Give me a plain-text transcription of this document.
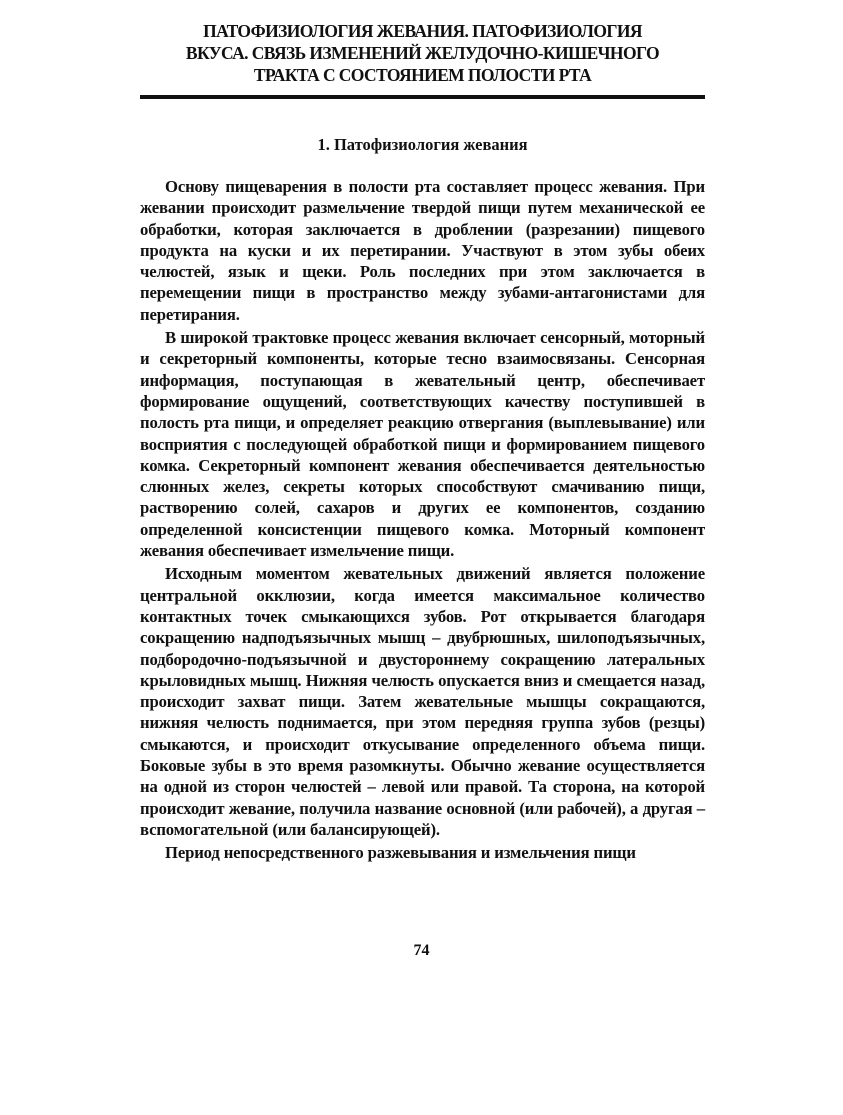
ПАТОФИЗИОЛОГИЯ ЖЕВАНИЯ. ПАТОФИЗИОЛОГИЯ
ВКУСА. СВЯЗЬ ИЗМЕНЕНИЙ ЖЕЛУДОЧНО-КИШЕЧНОГО
ТРАКТА С СОСТОЯНИЕМ ПОЛОСТИ РТА
1. Патофизиология жевания

Основу пищеварения в полости рта составляет процесс жевания. При жевании происходит размельчение твердой пищи путем механической ее обработки, которая заключается в дроблении (разрезании) пищевого продукта на куски и их перетирании. Участвуют в этом зубы обеих челюстей, язык и щеки. Роль последних при этом заключается в перемещении пищи в пространство между зубами-антагонистами для перетирания.

В широкой трактовке процесс жевания включает сенсорный, моторный и секреторный компоненты, которые тесно взаимосвязаны. Сенсорная информация, поступающая в жевательный центр, обеспечивает формирование ощущений, соответствующих качеству поступившей в полость рта пищи, и определяет реакцию отвергания (выплевывание) или восприятия с последующей обработкой пищи и формированием пищевого комка. Секреторный компонент жевания обеспечивается деятельностью слюнных желез, секреты которых способствуют смачиванию пищи, растворению солей, сахаров и других ее компонентов, созданию определенной консистенции пищевого комка. Моторный компонент жевания обеспечивает измельчение пищи.

Исходным моментом жевательных движений является положение центральной окклюзии, когда имеется максимальное количество контактных точек смыкающихся зубов. Рот открывается благодаря сокращению надподъязычных мышц – двубрюшных, шилоподъязычных, подбородочно-подъязычной и двустороннему сокращению латеральных крыловидных мышц. Нижняя челюсть опускается вниз и смещается назад, происходит захват пищи. Затем жевательные мышцы сокращаются, нижняя челюсть поднимается, при этом передняя группа зубов (резцы) смыкаются, и происходит откусывание определенного объема пищи. Боковые зубы в это время разомкнуты. Обычно жевание осуществляется на одной из сторон челюстей – левой или правой. Та сторона, на которой происходит жевание, получила название основной (или рабочей), а другая – вспомогательной (или балансирующей).

Период непосредственного разжевывания и измельчения пищи

74
